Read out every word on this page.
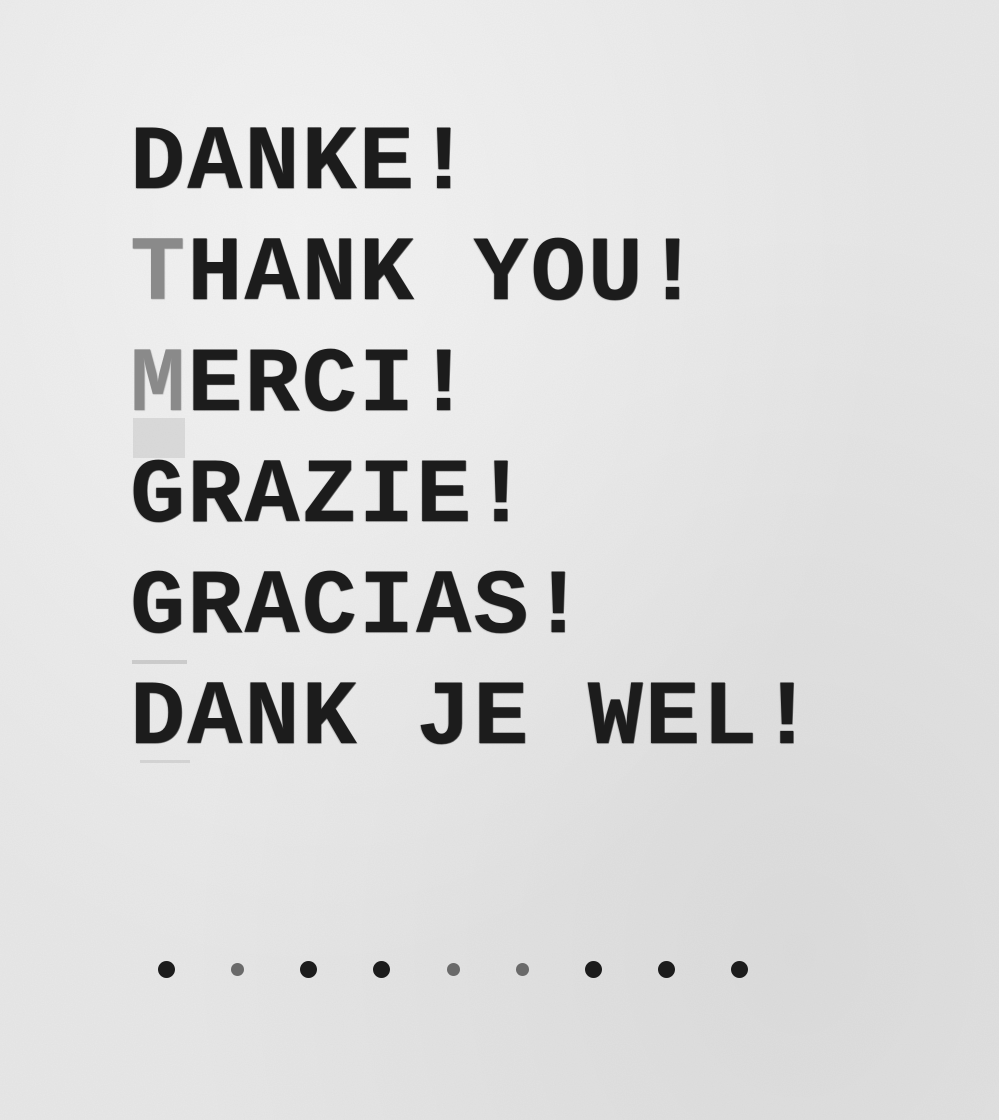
DANKE!
THANK YOU!
MERCI!
GRAZIE!
GRACIAS!
DANK JE WEL!
